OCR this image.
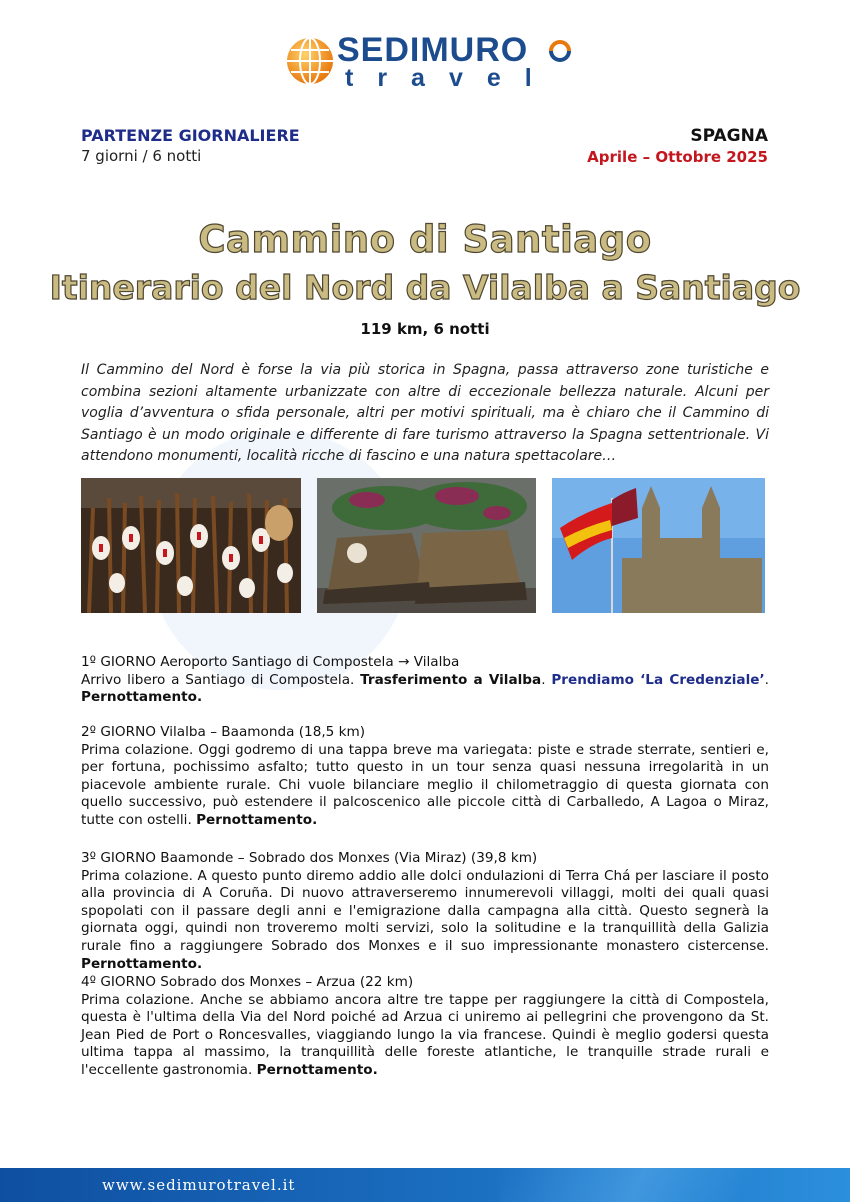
SEDIMURO
travel
PARTENZE GIORNALIERE
7 giorni / 6 notti
SPAGNA
Aprile – Ottobre 2025
Cammino di Santiago
Itinerario del Nord da Vilalba a Santiago
119 km, 6 notti
Il Cammino del Nord è forse la via più storica in Spagna, passa attraverso zone turistiche e combina sezioni altamente urbanizzate con altre di eccezionale bellezza naturale. Alcuni per voglia d’avventura o sfida personale, altri per motivi spirituali, ma è chiaro che il Cammino di Santiago è un modo originale e differente di fare turismo attraverso la Spagna settentrionale. Vi attendono monumenti, località ricche di fascino e una natura spettacolare…
1º GIORNO Aeroporto Santiago di Compostela → Vilalba
Arrivo libero a Santiago di Compostela. Trasferimento a Vilalba. Prendiamo ‘La Credenziale’. Pernottamento.
2º GIORNO Vilalba – Baamonda (18,5 km)
Prima colazione. Oggi godremo di una tappa breve ma variegata: piste e strade sterrate, sentieri e, per fortuna, pochissimo asfalto; tutto questo in un tour senza quasi nessuna irregolarità in un piacevole ambiente rurale. Chi vuole bilanciare meglio il chilometraggio di questa giornata con quello successivo, può estendere il palcoscenico alle piccole città di Carballedo, A Lagoa o Miraz, tutte con ostelli. Pernottamento.
3º GIORNO Baamonde – Sobrado dos Monxes (Via Miraz) (39,8 km)
Prima colazione. A questo punto diremo addio alle dolci ondulazioni di Terra Chá per lasciare il posto alla provincia di A Coruña. Di nuovo attraverseremo innumerevoli villaggi, molti dei quali quasi spopolati con il passare degli anni e l'emigrazione dalla campagna alla città. Questo segnerà la giornata oggi, quindi non troveremo molti servizi, solo la solitudine e la tranquillità della Galizia rurale fino a raggiungere Sobrado dos Monxes e il suo impressionante monastero cistercense. Pernottamento.
4º GIORNO Sobrado dos Monxes – Arzua (22 km)
Prima colazione. Anche se abbiamo ancora altre tre tappe per raggiungere la città di Compostela, questa è l'ultima della Via del Nord poiché ad Arzua ci uniremo ai pellegrini che provengono da St. Jean Pied de Port o Roncesvalles, viaggiando lungo la via francese. Quindi è meglio godersi questa ultima tappa al massimo, la tranquillità delle foreste atlantiche, le tranquille strade rurali e l'eccellente gastronomia. Pernottamento.
www.sedimurotravel.it
